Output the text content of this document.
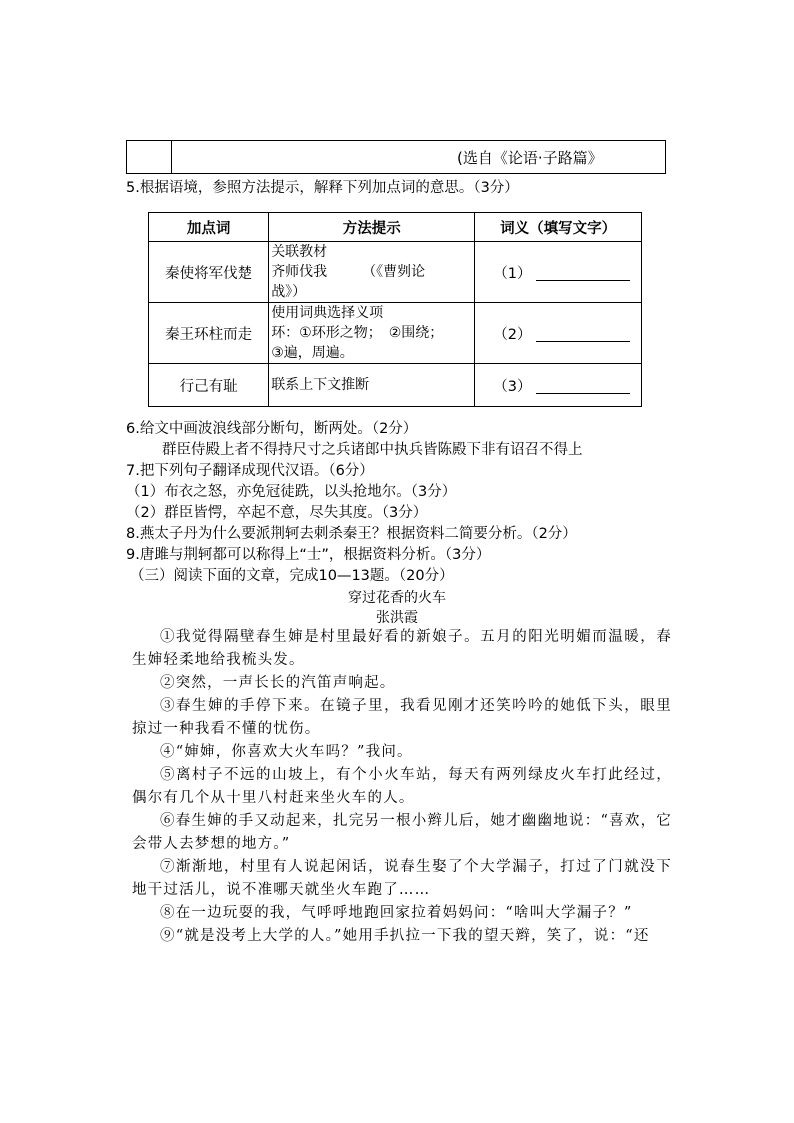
(选自《论语·子路篇》
5.根据语境，参照方法提示，解释下列加点词的意思。（3分）
加点词	方法提示	词义（填写文字）
秦使将军伐楚	关联教材
齐师伐我　　　（《曹刿论
战》）	（1）
秦王环柱而走	使用词典选择义项
环：①环形之物；　②围绕；
③遍，周遍。	（2）
行己有耻	联系上下文推断	（3）
6.给文中画波浪线部分断句，断两处。（2分）
群臣侍殿上者不得持尺寸之兵诸郎中执兵皆陈殿下非有诏召不得上
7.把下列句子翻译成现代汉语。（6分）
（1）布衣之怒，亦免冠徒跣，以头抢地尔。（3分）
（2）群臣皆愕，卒起不意，尽失其度。（3分）
8.燕太子丹为什么要派荆轲去刺杀秦王？根据资料二简要分析。（2分）
9.唐雎与荆轲都可以称得上“士”，根据资料分析。（3分）
（三）阅读下面的文章，完成10—13题。（20分）
穿过花香的火车
张洪霞

①我觉得隔壁春生婶是村里最好看的新娘子。五月的阳光明媚而温暖，春生婶轻柔地给我梳头发。

②突然，一声长长的汽笛声响起。

③春生婶的手停下来。在镜子里，我看见刚才还笑吟吟的她低下头，眼里掠过一种我看不懂的忧伤。

④“婶婶，你喜欢大火车吗？”我问。

⑤离村子不远的山坡上，有个小火车站，每天有两列绿皮火车打此经过，偶尔有几个从十里八村赶来坐火车的人。

⑥春生婶的手又动起来，扎完另一根小辫儿后，她才幽幽地说：“喜欢，它会带人去梦想的地方。”

⑦渐渐地，村里有人说起闲话，说春生娶了个大学漏子，打过了门就没下地干过活儿，说不准哪天就坐火车跑了……

⑧在一边玩耍的我，气呼呼地跑回家拉着妈妈问：“啥叫大学漏子？”

⑨“就是没考上大学的人。”她用手扒拉一下我的望天辫，笑了，说：“还
